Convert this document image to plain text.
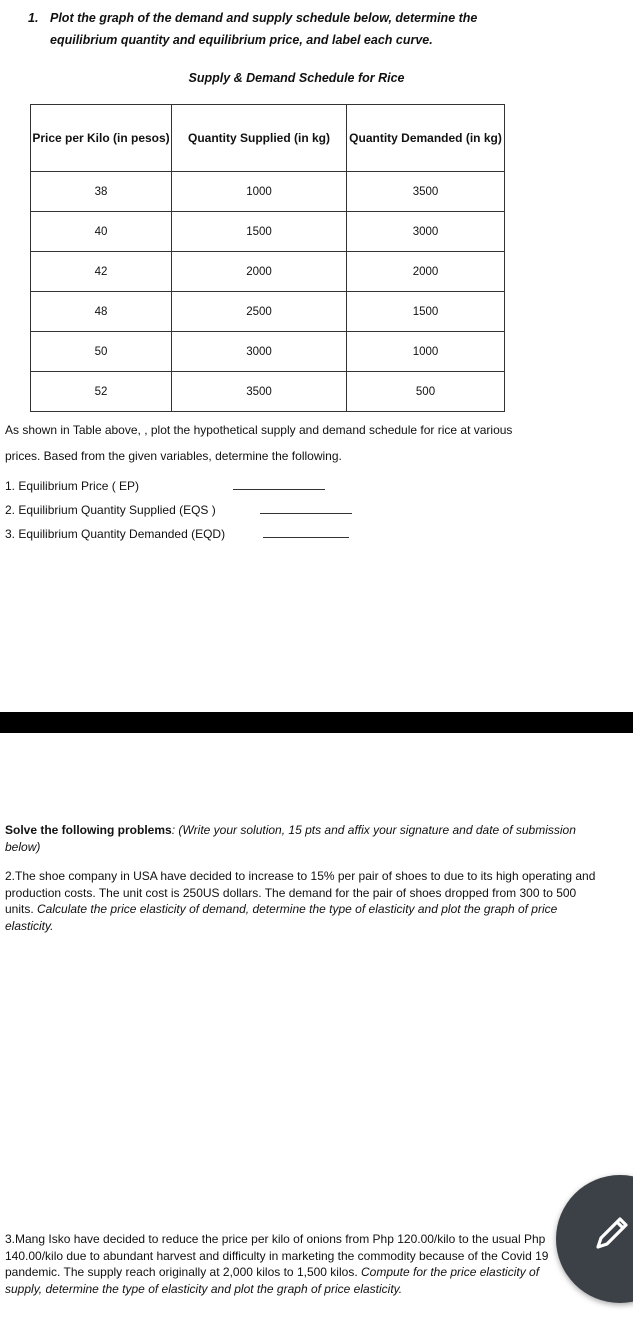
1. Plot the graph of the demand and supply schedule below, determine the
equilibrium quantity and equilibrium price, and label each curve.
Supply & Demand Schedule for Rice
Price per Kilo (in pesos)	Quantity Supplied (in kg)	Quantity Demanded (in kg)
38	1000	3500
40	1500	3000
42	2000	2000
48	2500	1500
50	3000	1000
52	3500	500
As shown in Table above, , plot the hypothetical supply and demand schedule for rice at various
prices. Based from the given variables, determine the following.
1. Equilibrium Price ( EP)
2. Equilibrium Quantity Supplied (EQS )
3. Equilibrium Quantity Demanded (EQD)
Solve the following problems: (Write your solution, 15 pts and affix your signature and date of submission below)
2.The shoe company in USA have decided to increase to 15% per pair of shoes to due to its high operating and production costs. The unit cost is 250US dollars. The demand for the pair of shoes dropped from 300 to 500 units. Calculate the price elasticity of demand, determine the type of elasticity and plot the graph of price elasticity.
3.Mang Isko have decided to reduce the price per kilo of onions from Php 120.00/kilo to the usual Php 140.00/kilo due to abundant harvest and difficulty in marketing the commodity because of the Covid 19 pandemic. The supply reach originally at 2,000 kilos to 1,500 kilos. Compute for the price elasticity of supply, determine the type of elasticity and plot the graph of price elasticity.
